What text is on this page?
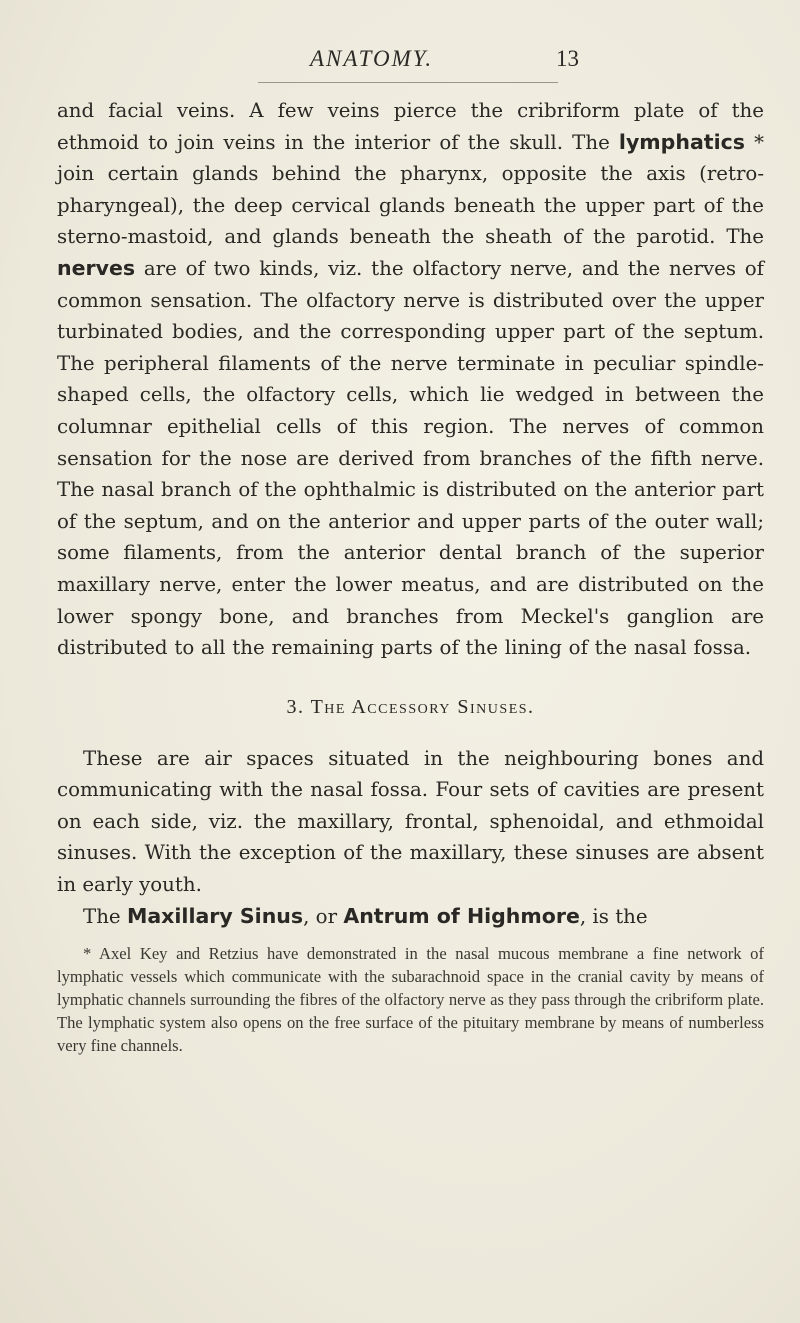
ANATOMY.	13

and facial veins. A few veins pierce the cribriform plate of the ethmoid to join veins in the interior of the skull. The lymphatics * join certain glands behind the pharynx, opposite the axis (retro-pharyngeal), the deep cervical glands beneath the upper part of the sterno-mastoid, and glands beneath the sheath of the parotid. The nerves are of two kinds, viz. the olfactory nerve, and the nerves of common sensation. The olfactory nerve is distributed over the upper turbinated bodies, and the corresponding upper part of the septum. The peripheral filaments of the nerve terminate in peculiar spindle-shaped cells, the olfactory cells, which lie wedged in between the columnar epithelial cells of this region. The nerves of common sensation for the nose are derived from branches of the fifth nerve. The nasal branch of the ophthalmic is distributed on the anterior part of the septum, and on the anterior and upper parts of the outer wall; some filaments, from the anterior dental branch of the superior maxillary nerve, enter the lower meatus, and are distributed on the lower spongy bone, and branches from Meckel's ganglion are distributed to all the remaining parts of the lining of the nasal fossa.

3. The Accessory Sinuses.

These are air spaces situated in the neighbouring bones and communicating with the nasal fossa. Four sets of cavities are present on each side, viz. the maxillary, frontal, sphenoidal, and ethmoidal sinuses. With the exception of the maxillary, these sinuses are absent in early youth.

The Maxillary Sinus, or Antrum of Highmore, is the

* Axel Key and Retzius have demonstrated in the nasal mucous membrane a fine network of lymphatic vessels which communicate with the subarachnoid space in the cranial cavity by means of lymphatic channels surrounding the fibres of the olfactory nerve as they pass through the cribriform plate. The lymphatic system also opens on the free surface of the pituitary membrane by means of numberless very fine channels.
